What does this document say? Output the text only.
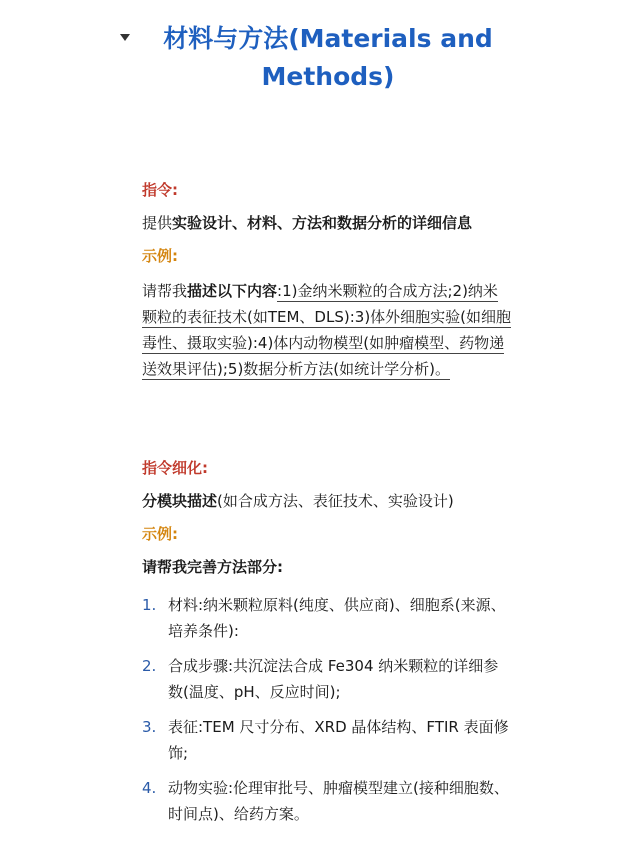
材料与方法(Materials and Methods)

指令:

提供实验设计、材料、方法和数据分析的详细信息

示例:

请帮我描述以下内容:1)金纳米颗粒的合成方法;2)纳米颗粒的表征技术(如TEM、DLS):3)体外细胞实验(如细胞毒性、摄取实验):4)体内动物模型(如肿瘤模型、药物递送效果评估);5)数据分析方法(如统计学分析)。

指令细化:

分模块描述(如合成方法、表征技术、实验设计)

示例:

请帮我完善方法部分:

1. 材料:纳米颗粒原料(纯度、供应商)、细胞系(来源、培养条件):
2. 合成步骤:共沉淀法合成 Fe304 纳米颗粒的详细参数(温度、pH、反应时间);
3. 表征:TEM 尺寸分布、XRD 晶体结构、FTIR 表面修饰;
4. 动物实验:伦理审批号、肿瘤模型建立(接种细胞数、时间点)、给药方案。
